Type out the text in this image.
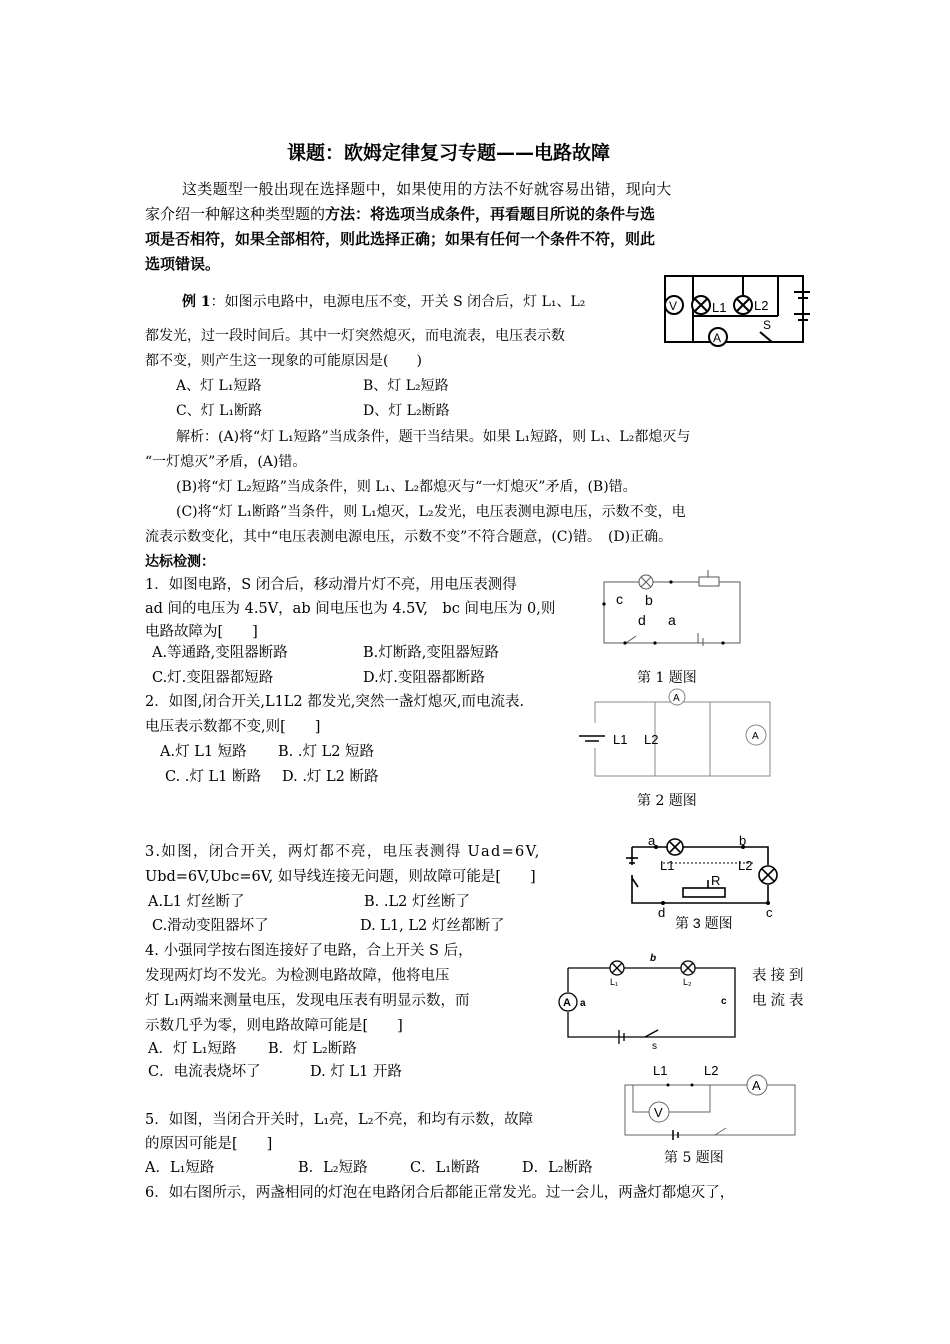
课题：欧姆定律复习专题——电路故障
这类题型一般出现在选择题中，如果使用的方法不好就容易出错，现向大
家介绍一种解这种类型题的方法：将选项当成条件，再看题目所说的条件与选
项是否相符，如果全部相符，则此选择正确；如果有任何一个条件不符，则此
选项错误。
例 1：如图示电路中，电源电压不变，开关 S 闭合后，灯 L₁、L₂
都发光，过一段时间后。其中一灯突然熄灭，而电流表，电压表示数
都不变，则产生这一现象的可能原因是(　　)
A、灯 L₁短路	B、灯 L₂短路
C、灯 L₁断路	D、灯 L₂断路
解析：(A)将“灯 L₁短路”当成条件，题干当结果。如果 L₁短路，则 L₁、L₂都熄灭与
“一灯熄灭”矛盾，(A)错。
(B)将“灯 L₂短路”当成条件，则 L₁、L₂都熄灭与“一灯熄灭”矛盾，(B)错。
(C)将“灯 L₁断路”当条件，则 L₁熄灭，L₂发光，电压表测电源电压，示数不变，电
流表示数变化，其中“电压表测电源电压，示数不变”不符合题意，(C)错。　(D)正确。
V	L1 L2
A
S
达标检测：
1．如图电路，S 闭合后，移动滑片灯不亮，用电压表测得
ad 间的电压为 4.5V，ab 间电压也为 4.5V,　bc 间电压为 0,则
电路故障为[　　]
A.等通路,变阻器断路	B.灯断路,变阻器短路
C.灯.变阻器都短路	D.灯.变阻器都断路
c b
d a
第 1 题图
2．如图,闭合开关,L1L2 都发光,突然一盏灯熄灭,而电流表.
电压表示数都不变,则[　　]
A.灯 L1 短路 B. .灯 L2 短路
C. .灯 L1 断路 D. .灯 L2 断路
A
L1 L2	A
第 2 题图
3.如图，闭合开关，两灯都不亮，电压表测得 Uad=6V,
Ubd=6V,Ubc=6V, 如导线连接无问题，则故障可能是[　　]
A.L1 灯丝断了	B. .L2 灯丝断了
C.滑动变阻器坏了	D. L1, L2 灯丝都断了
a	b
L1	L2
R
d	c
第 3 题图
4. 小强同学按右图连接好了电路，合上开关 S 后，
发现两灯均不发光。为检测电路故障，他将电压	表接到
灯 L₁两端来测量电压，发现电压表有明显示数，而	电流表
示数几乎为零，则电路故障可能是[　　]
A．灯 L₁短路 B．灯 L₂断路
C．电流表烧坏了	D. 灯 L1 开路
b
L₁	L₂
A a	c
s
L1	L2
A
V
5．如图，当闭合开关时，L₁亮，L₂不亮，和均有示数，故障
的原因可能是[　　]
第 5 题图
A．L₁短路	B．L₂短路	C．L₁断路	D．L₂断路
6．如右图所示，两盏相同的灯泡在电路闭合后都能正常发光。过一会儿，两盏灯都熄灭了，
